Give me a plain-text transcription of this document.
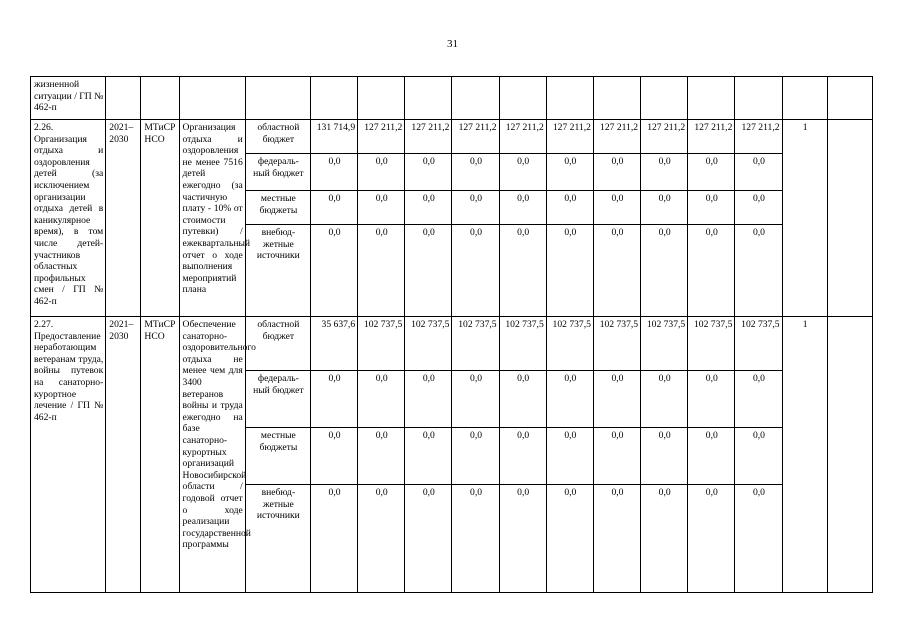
31
жизненной ситуации / ГП № 462-п																
2.26. Организация отдыха и оздоровления детей (за исключением организации отдыха детей в каникулярное время), в том числе детей-участников областных профильных смен / ГП № 462-п	2021–2030	МТиСР НСО	Организация отдыха и оздоровления не менее 7516 детей ежегодно (за частичную плату - 10% от стоимости путевки) / ежеквартальный отчет о ходе выполнения мероприятий плана	областной
бюджет	131 714,9	127 211,2	127 211,2	127 211,2	127 211,2	127 211,2	127 211,2	127 211,2	127 211,2	127 211,2	1	
				федераль-
ный бюджет	0,0	0,0	0,0	0,0	0,0	0,0	0,0	0,0	0,0	0,0		
				местные
бюджеты	0,0	0,0	0,0	0,0	0,0	0,0	0,0	0,0	0,0	0,0		
				внебюд-
жетные
источники	0,0	0,0	0,0	0,0	0,0	0,0	0,0	0,0	0,0	0,0		
2.27. Предоставление неработающим ветеранам труда, войны путевок на санаторно-курортное лечение / ГП № 462-п	2021–2030	МТиСР НСО	Обеспечение санаторно-оздоровительного отдыха не менее чем для 3400 ветеранов войны и труда ежегодно на базе санаторно-курортных организаций Новосибирской области / годовой отчет о ходе реализации государственной программы	областной
бюджет	35 637,6	102 737,5	102 737,5	102 737,5	102 737,5	102 737,5	102 737,5	102 737,5	102 737,5	102 737,5	1	
				федераль-
ный бюджет	0,0	0,0	0,0	0,0	0,0	0,0	0,0	0,0	0,0	0,0		
				местные
бюджеты	0,0	0,0	0,0	0,0	0,0	0,0	0,0	0,0	0,0	0,0		
				внебюд-
жетные
источники	0,0	0,0	0,0	0,0	0,0	0,0	0,0	0,0	0,0	0,0		
